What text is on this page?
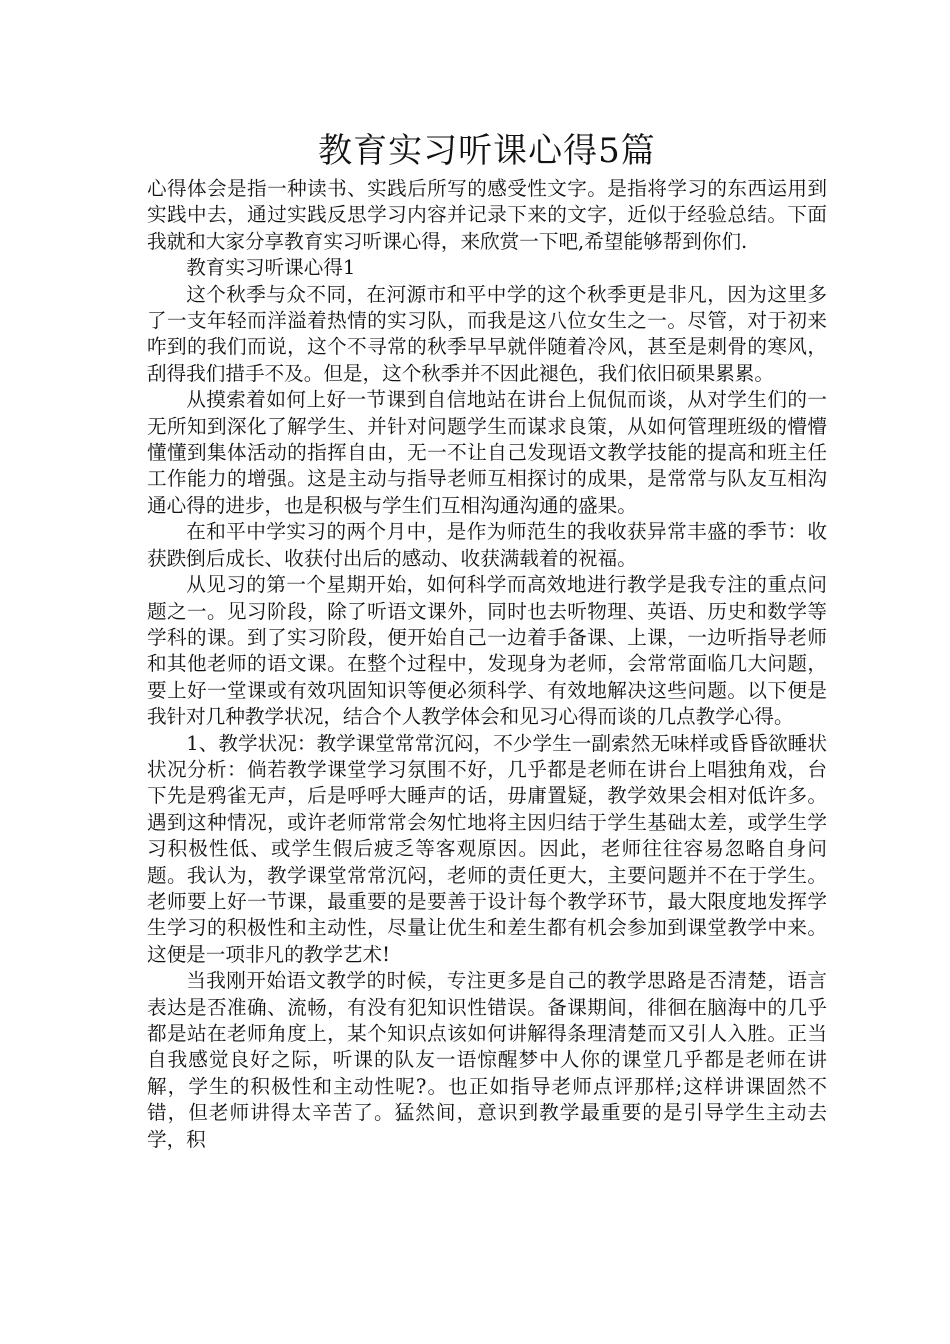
教育实习听课心得5篇

心得体会是指一种读书、实践后所写的感受性文字。是指将学习的东西运用到实践中去，通过实践反思学习内容并记录下来的文字，近似于经验总结。下面我就和大家分享教育实习听课心得，来欣赏一下吧,希望能够帮到你们.

教育实习听课心得1

这个秋季与众不同，在河源市和平中学的这个秋季更是非凡，因为这里多了一支年轻而洋溢着热情的实习队，而我是这八位女生之一。尽管，对于初来咋到的我们而说，这个不寻常的秋季早早就伴随着冷风，甚至是刺骨的寒风，刮得我们措手不及。但是，这个秋季并不因此褪色，我们依旧硕果累累。

从摸索着如何上好一节课到自信地站在讲台上侃侃而谈，从对学生们的一无所知到深化了解学生、并针对问题学生而谋求良策，从如何管理班级的懵懵懂懂到集体活动的指挥自由，无一不让自己发现语文教学技能的提高和班主任工作能力的增强。这是主动与指导老师互相探讨的成果，是常常与队友互相沟通心得的进步，也是积极与学生们互相沟通沟通的盛果。

在和平中学实习的两个月中，是作为师范生的我收获异常丰盛的季节：收获跌倒后成长、收获付出后的感动、收获满载着的祝福。

从见习的第一个星期开始，如何科学而高效地进行教学是我专注的重点问题之一。见习阶段，除了听语文课外，同时也去听物理、英语、历史和数学等学科的课。到了实习阶段，便开始自己一边着手备课、上课，一边听指导老师和其他老师的语文课。在整个过程中，发现身为老师，会常常面临几大问题，要上好一堂课或有效巩固知识等便必须科学、有效地解决这些问题。以下便是我针对几种教学状况，结合个人教学体会和见习心得而谈的几点教学心得。

1、教学状况：教学课堂常常沉闷，不少学生一副索然无味样或昏昏欲睡状 状况分析：倘若教学课堂学习氛围不好，几乎都是老师在讲台上唱独角戏，台下先是鸦雀无声，后是呼呼大睡声的话，毋庸置疑，教学效果会相对低许多。遇到这种情况，或许老师常常会匆忙地将主因归结于学生基础太差，或学生学习积极性低、或学生假后疲乏等客观原因。因此，老师往往容易忽略自身问题。我认为，教学课堂常常沉闷，老师的责任更大，主要问题并不在于学生。老师要上好一节课，最重要的是要善于设计每个教学环节，最大限度地发挥学生学习的积极性和主动性，尽量让优生和差生都有机会参加到课堂教学中来。这便是一项非凡的教学艺术!

当我刚开始语文教学的时候，专注更多是自己的教学思路是否清楚，语言表达是否准确、流畅，有没有犯知识性错误。备课期间，徘徊在脑海中的几乎都是站在老师角度上，某个知识点该如何讲解得条理清楚而又引人入胜。正当自我感觉良好之际，听课的队友一语惊醒梦中人你的课堂几乎都是老师在讲解，学生的积极性和主动性呢?。也正如指导老师点评那样;这样讲课固然不错，但老师讲得太辛苦了。猛然间，意识到教学最重要的是引导学生主动去学，积
